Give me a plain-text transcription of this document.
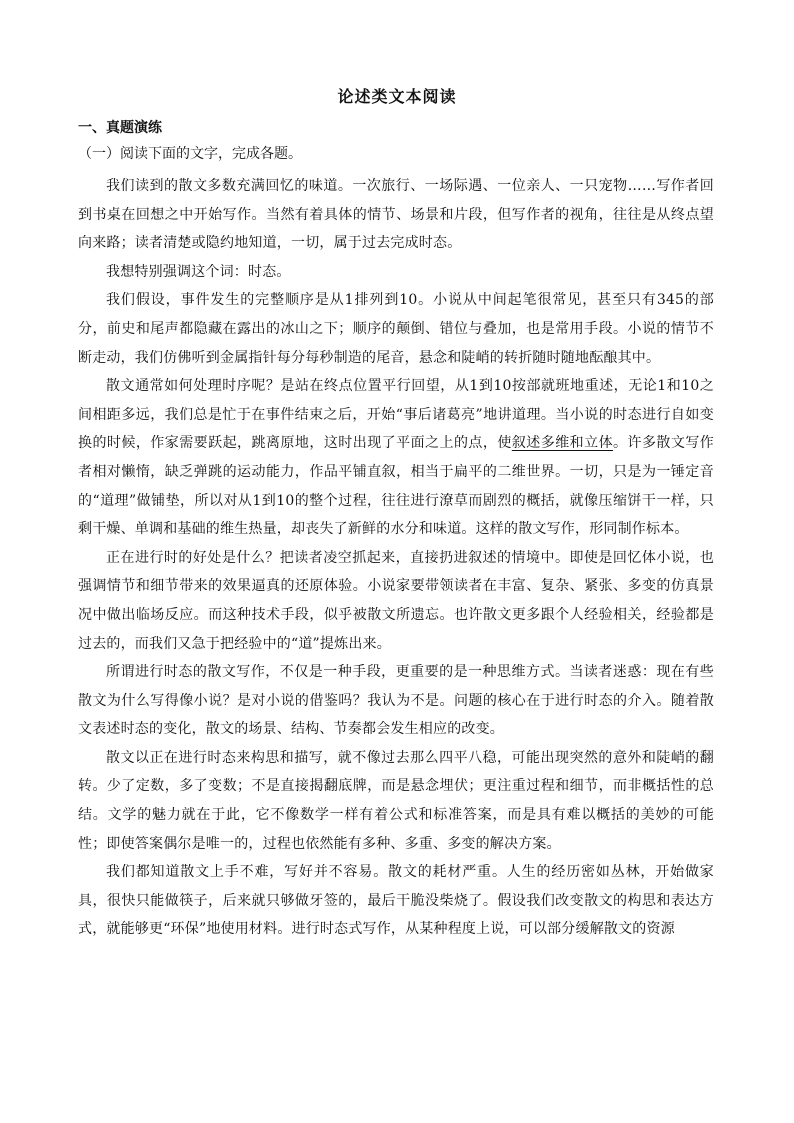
论述类文本阅读
一、真题演练
（一）阅读下面的文字，完成各题。

我们读到的散文多数充满回忆的味道。一次旅行、一场际遇、一位亲人、一只宠物……写作者回到书桌在回想之中开始写作。当然有着具体的情节、场景和片段，但写作者的视角，往往是从终点望向来路；读者清楚或隐约地知道，一切，属于过去完成时态。

我想特别强调这个词：时态。

我们假设，事件发生的完整顺序是从1排列到10。小说从中间起笔很常见，甚至只有345的部分，前史和尾声都隐藏在露出的冰山之下；顺序的颠倒、错位与叠加，也是常用手段。小说的情节不断走动，我们仿佛听到金属指针每分每秒制造的尾音，悬念和陡峭的转折随时随地酝酿其中。

散文通常如何处理时序呢？是站在终点位置平行回望，从1到10按部就班地重述，无论1和10之间相距多远，我们总是忙于在事件结束之后，开始“事后诸葛亮”地讲道理。当小说的时态进行自如变换的时候，作家需要跃起，跳离原地，这时出现了平面之上的点，使叙述多维和立体。许多散文写作者相对懒惰，缺乏弹跳的运动能力，作品平铺直叙，相当于扁平的二维世界。一切，只是为一锤定音的“道理”做铺垫，所以对从1到10的整个过程，往往进行潦草而剧烈的概括，就像压缩饼干一样，只剩干燥、单调和基础的维生热量，却丧失了新鲜的水分和味道。这样的散文写作，形同制作标本。

正在进行时的好处是什么？把读者凌空抓起来，直接扔进叙述的情境中。即使是回忆体小说，也强调情节和细节带来的效果逼真的还原体验。小说家要带领读者在丰富、复杂、紧张、多变的仿真景况中做出临场反应。而这种技术手段，似乎被散文所遗忘。也许散文更多跟个人经验相关，经验都是过去的，而我们又急于把经验中的“道”提炼出来。

所谓进行时态的散文写作，不仅是一种手段，更重要的是一种思维方式。当读者迷惑：现在有些散文为什么写得像小说？是对小说的借鉴吗？我认为不是。问题的核心在于进行时态的介入。随着散文表述时态的变化，散文的场景、结构、节奏都会发生相应的改变。

散文以正在进行时态来构思和描写，就不像过去那么四平八稳，可能出现突然的意外和陡峭的翻转。少了定数，多了变数；不是直接揭翻底牌，而是悬念埋伏；更注重过程和细节，而非概括性的总结。文学的魅力就在于此，它不像数学一样有着公式和标准答案，而是具有难以概括的美妙的可能性；即使答案偶尔是唯一的，过程也依然能有多种、多重、多变的解决方案。

我们都知道散文上手不难，写好并不容易。散文的耗材严重。人生的经历密如丛林，开始做家具，很快只能做筷子，后来就只够做牙签的，最后干脆没柴烧了。假设我们改变散文的构思和表达方式，就能够更“环保”地使用材料。进行时态式写作，从某种程度上说，可以部分缓解散文的资源
